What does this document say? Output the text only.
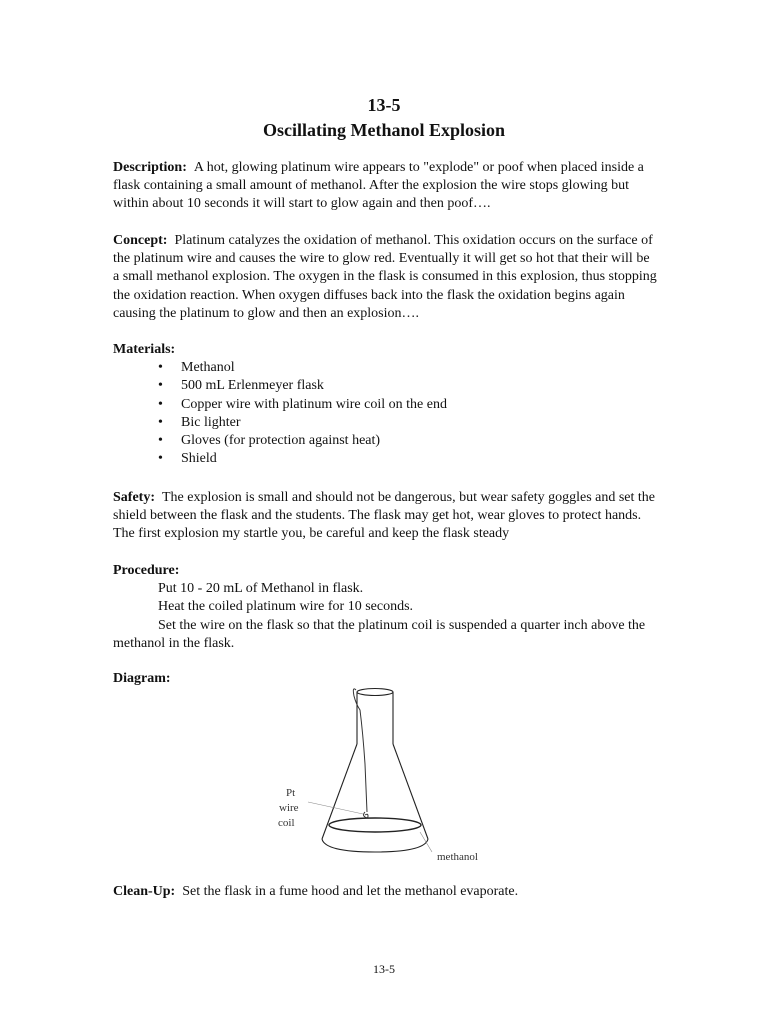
13-5
Oscillating Methanol Explosion
Description: A hot, glowing platinum wire appears to "explode" or poof when placed inside a flask containing a small amount of methanol. After the explosion the wire stops glowing but within about 10 seconds it will start to glow again and then poof….
Concept: Platinum catalyzes the oxidation of methanol. This oxidation occurs on the surface of the platinum wire and causes the wire to glow red. Eventually it will get so hot that their will be a small methanol explosion. The oxygen in the flask is consumed in this explosion, thus stopping the oxidation reaction. When oxygen diffuses back into the flask the oxidation begins again causing the platinum to glow and then an explosion….
Materials:
• Methanol
• 500 mL Erlenmeyer flask
• Copper wire with platinum wire coil on the end
• Bic lighter
• Gloves (for protection against heat)
• Shield
Safety: The explosion is small and should not be dangerous, but wear safety goggles and set the shield between the flask and the students. The flask may get hot, wear gloves to protect hands. The first explosion my startle you, be careful and keep the flask steady
Procedure:
Put 10 - 20 mL of Methanol in flask.
Heat the coiled platinum wire for 10 seconds.
Set the wire on the flask so that the platinum coil is suspended a quarter inch above the methanol in the flask.
Diagram:
Pt
wire
coil
methanol
Clean-Up: Set the flask in a fume hood and let the methanol evaporate.
13-5
